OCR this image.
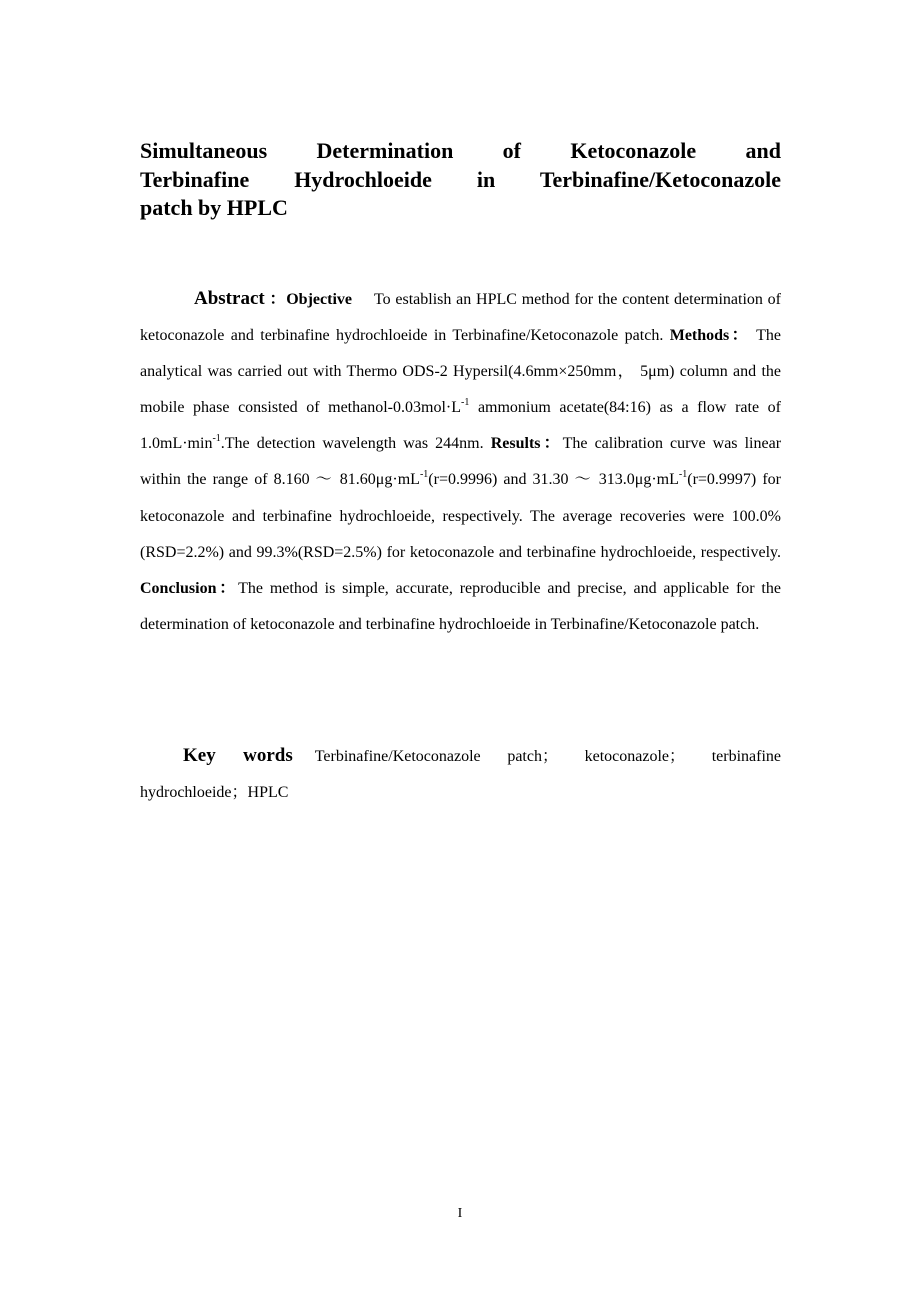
Simultaneous Determination of Ketoconazole and
Terbinafine Hydrochloeide in Terbinafine/Ketoconazole
patch by HPLC

Abstract ：Objective To establish an HPLC method for the content determination of ketoconazole and terbinafine hydrochloeide in Terbinafine/Ketoconazole patch. Methods： The analytical was carried out with Thermo ODS-2 Hypersil(4.6mm×250mm， 5μm) column and the mobile phase consisted of methanol-$0.03mol\cdot L^{-1}$ ammonium acetate(84:16) as a flow rate of $1.0mL\cdot\min^{-1}.The$ detection wavelength was 244nm. Results：The calibration curve was linear within the range of 8.160 ～ $81.60\mu g\cdot mL^{-1}(r=0.9996)$ and 31.30 ～ $313.0\mu g\cdot mL^{-1}(r=0.9997)$ for ketoconazole and terbinafine hydrochloeide, respectively. The average recoveries were 100.0%(RSD=2.2%) and 99.3%(RSD=2.5%) for ketoconazole and terbinafine hydrochloeide, respectively. Conclusion：The method is simple, accurate, reproducible and precise, and applicable for the determination of ketoconazole and terbinafine hydrochloeide in Terbinafine/Ketoconazole patch.

Key words Terbinafine/Ketoconazole patch； ketoconazole； terbinafine hydrochloeide；HPLC

I
